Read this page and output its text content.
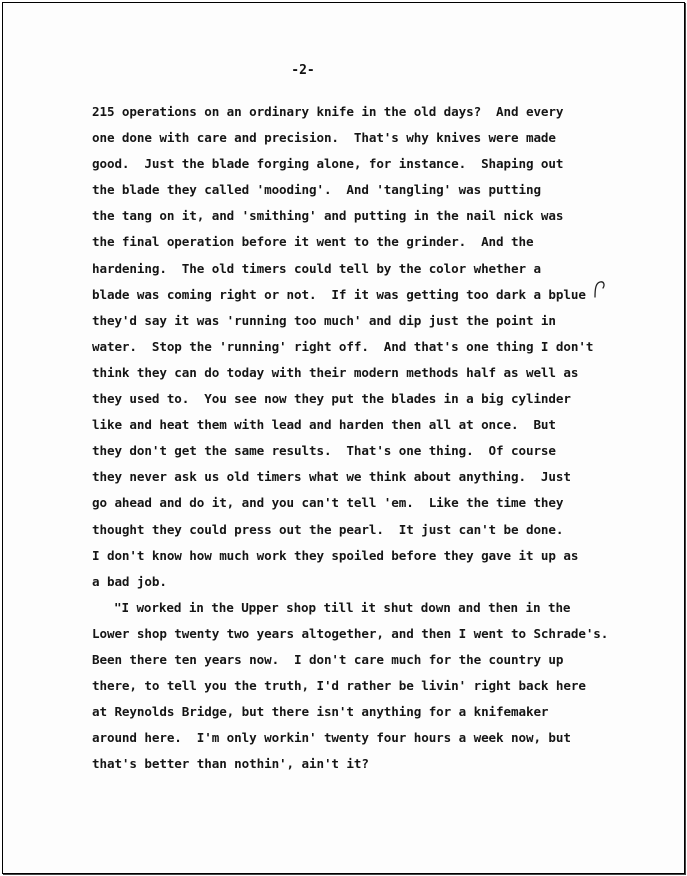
-2-
215 operations on an ordinary knife in the old days?  And every
one done with care and precision.  That's why knives were made
good.  Just the blade forging alone, for instance.  Shaping out
the blade they called 'mooding'.  And 'tangling' was putting
the tang on it, and 'smithing' and putting in the nail nick was
the final operation before it went to the grinder.  And the
hardening.  The old timers could tell by the color whether a
blade was coming right or not.  If it was getting too dark a bplue
they'd say it was 'running too much' and dip just the point in
water.  Stop the 'running' right off.  And that's one thing I don't
think they can do today with their modern methods half as well as
they used to.  You see now they put the blades in a big cylinder
like and heat them with lead and harden then all at once.  But
they don't get the same results.  That's one thing.  Of course
they never ask us old timers what we think about anything.  Just
go ahead and do it, and you can't tell 'em.  Like the time they
thought they could press out the pearl.  It just can't be done.
I don't know how much work they spoiled before they gave it up as
a bad job.
"I worked in the Upper shop till it shut down and then in the
Lower shop twenty two years altogether, and then I went to Schrade's.
Been there ten years now.  I don't care much for the country up
there, to tell you the truth, I'd rather be livin' right back here
at Reynolds Bridge, but there isn't anything for a knifemaker
around here.  I'm only workin' twenty four hours a week now, but
that's better than nothin', ain't it?
